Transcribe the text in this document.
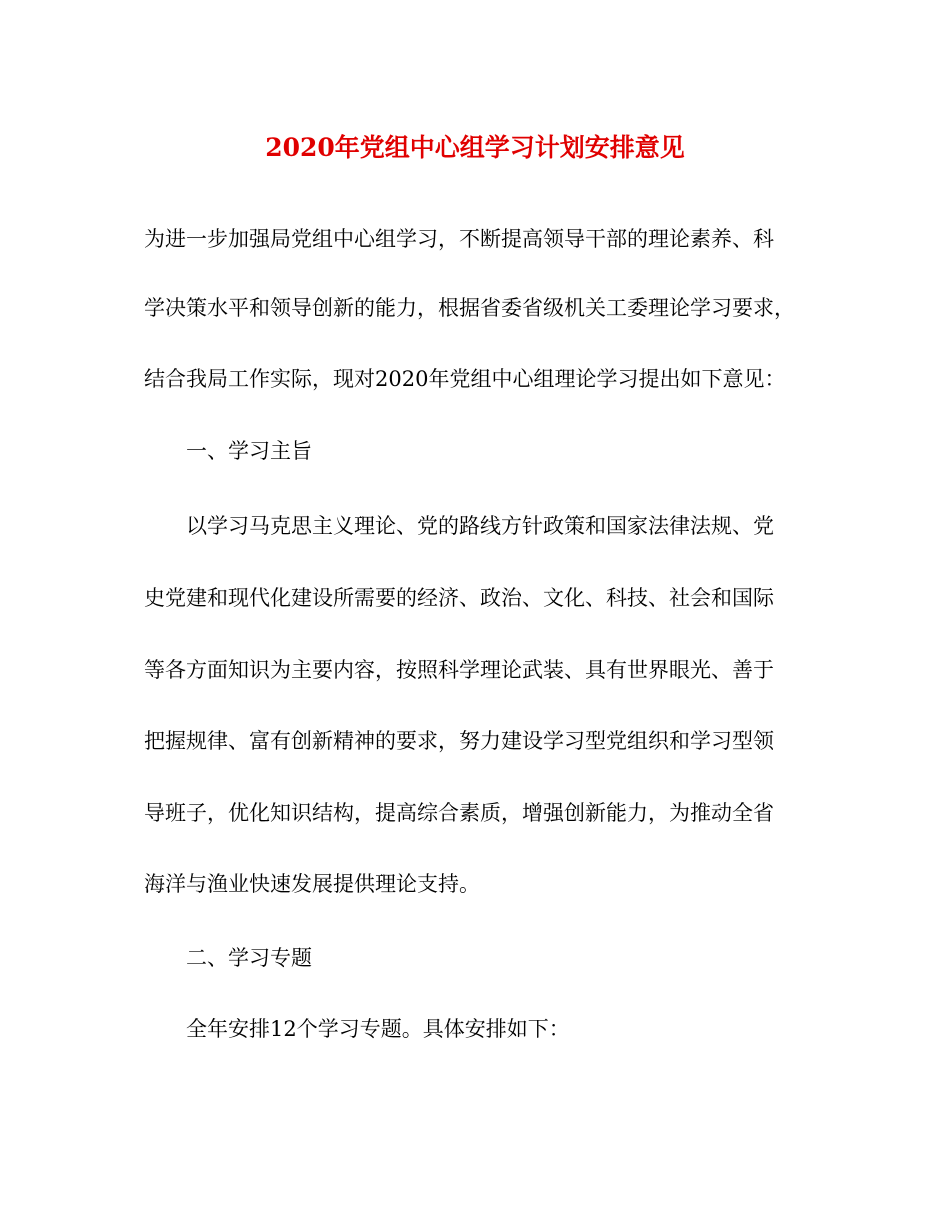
2020年党组中心组学习计划安排意见
为进一步加强局党组中心组学习，不断提高领导干部的理论素养、科
学决策水平和领导创新的能力，根据省委省级机关工委理论学习要求，
结合我局工作实际，现对2020年党组中心组理论学习提出如下意见：
一、学习主旨
以学习马克思主义理论、党的路线方针政策和国家法律法规、党
史党建和现代化建设所需要的经济、政治、文化、科技、社会和国际
等各方面知识为主要内容，按照科学理论武装、具有世界眼光、善于
把握规律、富有创新精神的要求，努力建设学习型党组织和学习型领
导班子，优化知识结构，提高综合素质，增强创新能力，为推动全省
海洋与渔业快速发展提供理论支持。
二、学习专题
全年安排12个学习专题。具体安排如下：
